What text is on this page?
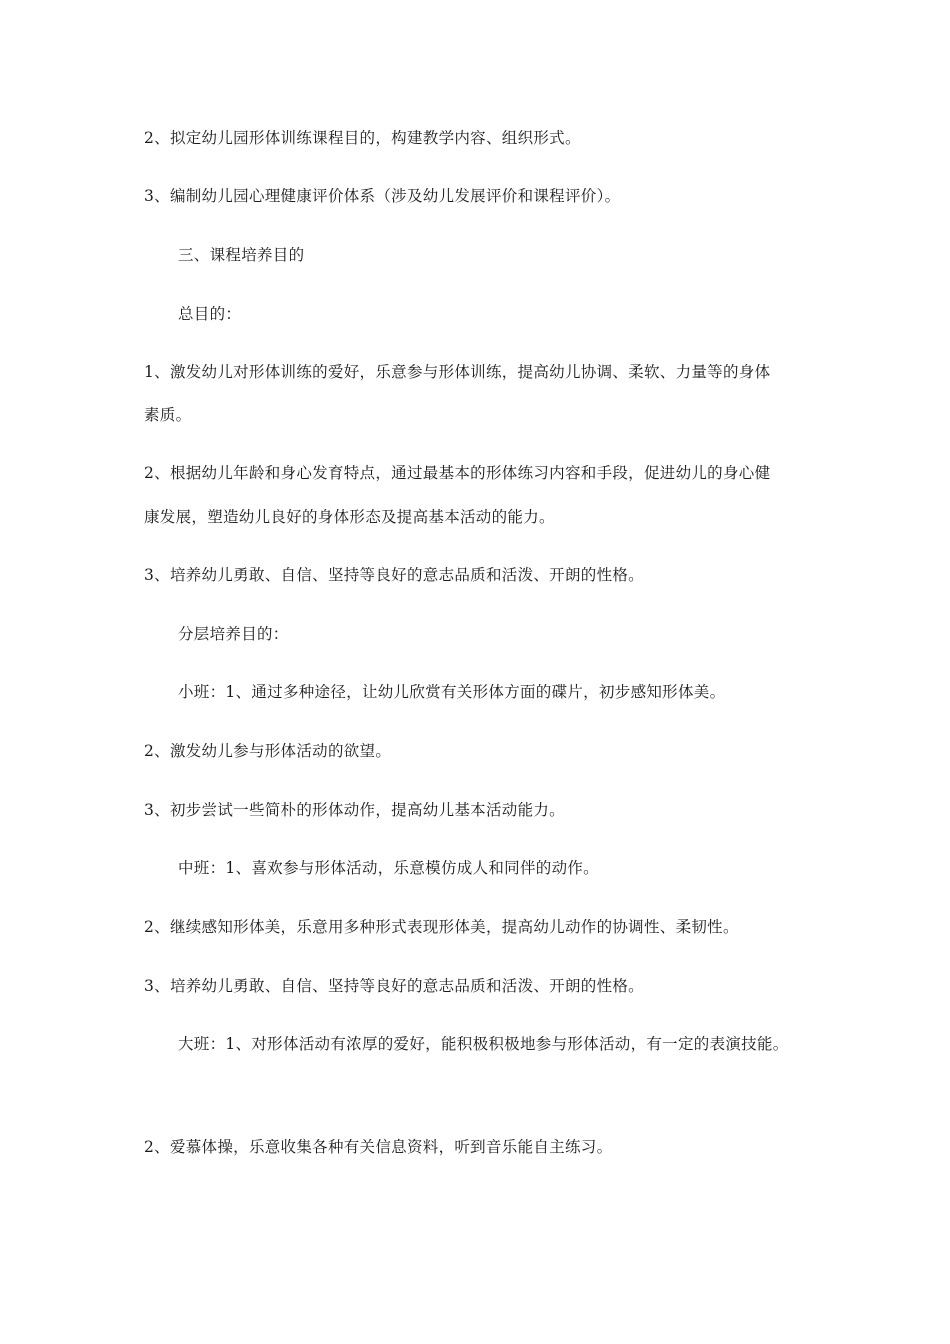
2、拟定幼儿园形体训练课程目的，构建教学内容、组织形式。
3、编制幼儿园心理健康评价体系（涉及幼儿发展评价和课程评价）。
三、课程培养目的
总目的：
1、激发幼儿对形体训练的爱好，乐意参与形体训练，提高幼儿协调、柔软、力量等的身体
素质。
2、根据幼儿年龄和身心发育特点，通过最基本的形体练习内容和手段，促进幼儿的身心健
康发展，塑造幼儿良好的身体形态及提高基本活动的能力。
3、培养幼儿勇敢、自信、坚持等良好的意志品质和活泼、开朗的性格。
分层培养目的：
小班：1、通过多种途径，让幼儿欣赏有关形体方面的碟片，初步感知形体美。
2、激发幼儿参与形体活动的欲望。
3、初步尝试一些简朴的形体动作，提高幼儿基本活动能力。
中班：1、喜欢参与形体活动，乐意模仿成人和同伴的动作。
2、继续感知形体美，乐意用多种形式表现形体美，提高幼儿动作的协调性、柔韧性。
3、培养幼儿勇敢、自信、坚持等良好的意志品质和活泼、开朗的性格。
大班：1、对形体活动有浓厚的爱好，能积极积极地参与形体活动，有一定的表演技能。
2、爱慕体操，乐意收集各种有关信息资料，听到音乐能自主练习。
